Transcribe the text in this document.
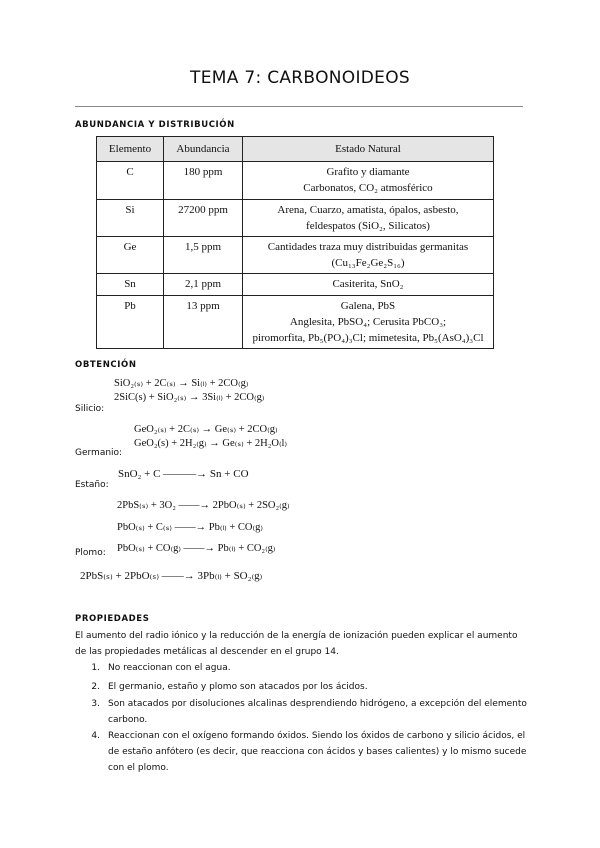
TEMA 7: CARBONOIDEOS
ABUNDANCIA Y DISTRIBUCIÓN
Elemento	Abundancia	Estado Natural
C	180 ppm	Grafito y diamante
Carbonatos, CO₂ atmosférico

Si	27200 ppm	Arena, Cuarzo, amatista, ópalos, asbesto,
feldespatos (SiO₂, Silicatos)

Ge	1,5 ppm	Cantidades traza muy distribuidas germanitas
(Cu₁₃Fe₂Ge₂S₁₆)

Sn	2,1 ppm	Casiterita, SnO₂

Pb	13 ppm	Galena, PbS
Anglesita, PbSO₄; Cerusita PbCO₃;
piromorfita, Pb₅(PO₄)₃Cl; mimetesita, Pb₅(AsO₄)₃Cl
OBTENCIÓN
SiO₂₍ₛ₎ + 2C₍ₛ₎ → Si₍ₗ₎ + 2CO₍g₎
2SiC(s) + SiO₂₍ₛ₎ → 3Si₍ₗ₎ + 2CO₍g₎
Silicio:
GeO₂₍ₛ₎ + 2C₍ₛ₎ → Ge₍ₛ₎ + 2CO₍g₎
GeO₂(s) + 2H₂₍g₎ → Ge₍ₛ₎ + 2H₂O₍l₎
Germanio:
SnO₂ + C ———→ Sn + CO
Estaño:
2PbS₍ₛ₎ + 3O₂ ——→ 2PbO₍ₛ₎ + 2SO₂₍g₎
PbO₍ₛ₎ + C₍ₛ₎ ——→ Pb₍ₗ₎ + CO₍g₎
PbO₍ₛ₎ + CO₍g₎ ——→ Pb₍ₗ₎ + CO₂₍g₎
Plomo:
2PbS₍ₛ₎ + 2PbO₍ₛ₎ ——→ 3Pb₍ₗ₎ + SO₂₍g₎
PROPIEDADES
El aumento del radio iónico y la reducción de la energía de ionización pueden explicar el aumento de las propiedades metálicas al descender en el grupo 14.
1. No reaccionan con el agua.
2. El germanio, estaño y plomo son atacados por los ácidos.
3. Son atacados por disoluciones alcalinas desprendiendo hidrógeno, a excepción del elemento carbono.
4. Reaccionan con el oxígeno formando óxidos. Siendo los óxidos de carbono y silicio ácidos, el de estaño anfótero (es decir, que reacciona con ácidos y bases calientes) y lo mismo sucede con el plomo.
